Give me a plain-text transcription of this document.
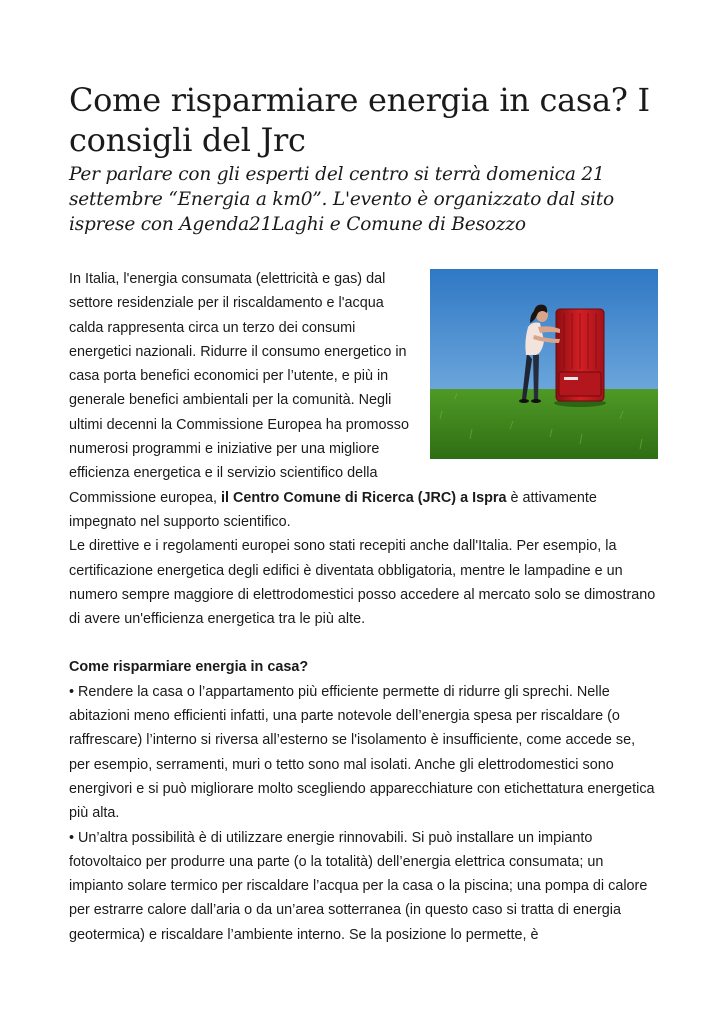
Come risparmiare energia in casa? I consigli del Jrc

Per parlare con gli esperti del centro si terrà domenica 21 settembre “Energia a km0”. L'evento è organizzato dal sito isprese con Agenda21Laghi e Comune di Besozzo

In Italia, l'energia consumata (elettricità e gas) dal settore residenziale per il riscaldamento e l'acqua calda rappresenta circa un terzo dei consumi energetici nazionali. Ridurre il consumo energetico in casa porta benefici economici per l’utente, e più in generale benefici ambientali per la comunità. Negli ultimi decenni la Commissione Europea ha promosso numerosi programmi e iniziative per una migliore efficienza energetica e il servizio scientifico della Commissione europea, il Centro Comune di Ricerca (JRC) a Ispra è attivamente impegnato nel supporto scientifico.

Le direttive e i regolamenti europei sono stati recepiti anche dall'Italia. Per esempio, la certificazione energetica degli edifici è diventata obbligatoria, mentre le lampadine e un numero sempre maggiore di elettrodomestici posso accedere al mercato solo se dimostrano di avere un'efficienza energetica tra le più alte.

Come risparmiare energia in casa?

• Rendere la casa o l’appartamento più efficiente permette di ridurre gli sprechi. Nelle abitazioni meno efficienti infatti, una parte notevole dell’energia spesa per riscaldare (o raffrescare) l’interno si riversa all’esterno se l'isolamento è insufficiente, come accede se, per esempio, serramenti, muri o tetto sono mal isolati. Anche gli elettrodomestici sono energivori e si può migliorare molto scegliendo apparecchiature con etichettatura energetica più alta.

• Un’altra possibilità è di utilizzare energie rinnovabili. Si può installare un impianto fotovoltaico per produrre una parte (o la totalità) dell’energia elettrica consumata; un impianto solare termico per riscaldare l’acqua per la casa o la piscina; una pompa di calore per estrarre calore dall’aria o da un’area sotterranea (in questo caso si tratta di energia geotermica) e riscaldare l’ambiente interno. Se la posizione lo permette, è
